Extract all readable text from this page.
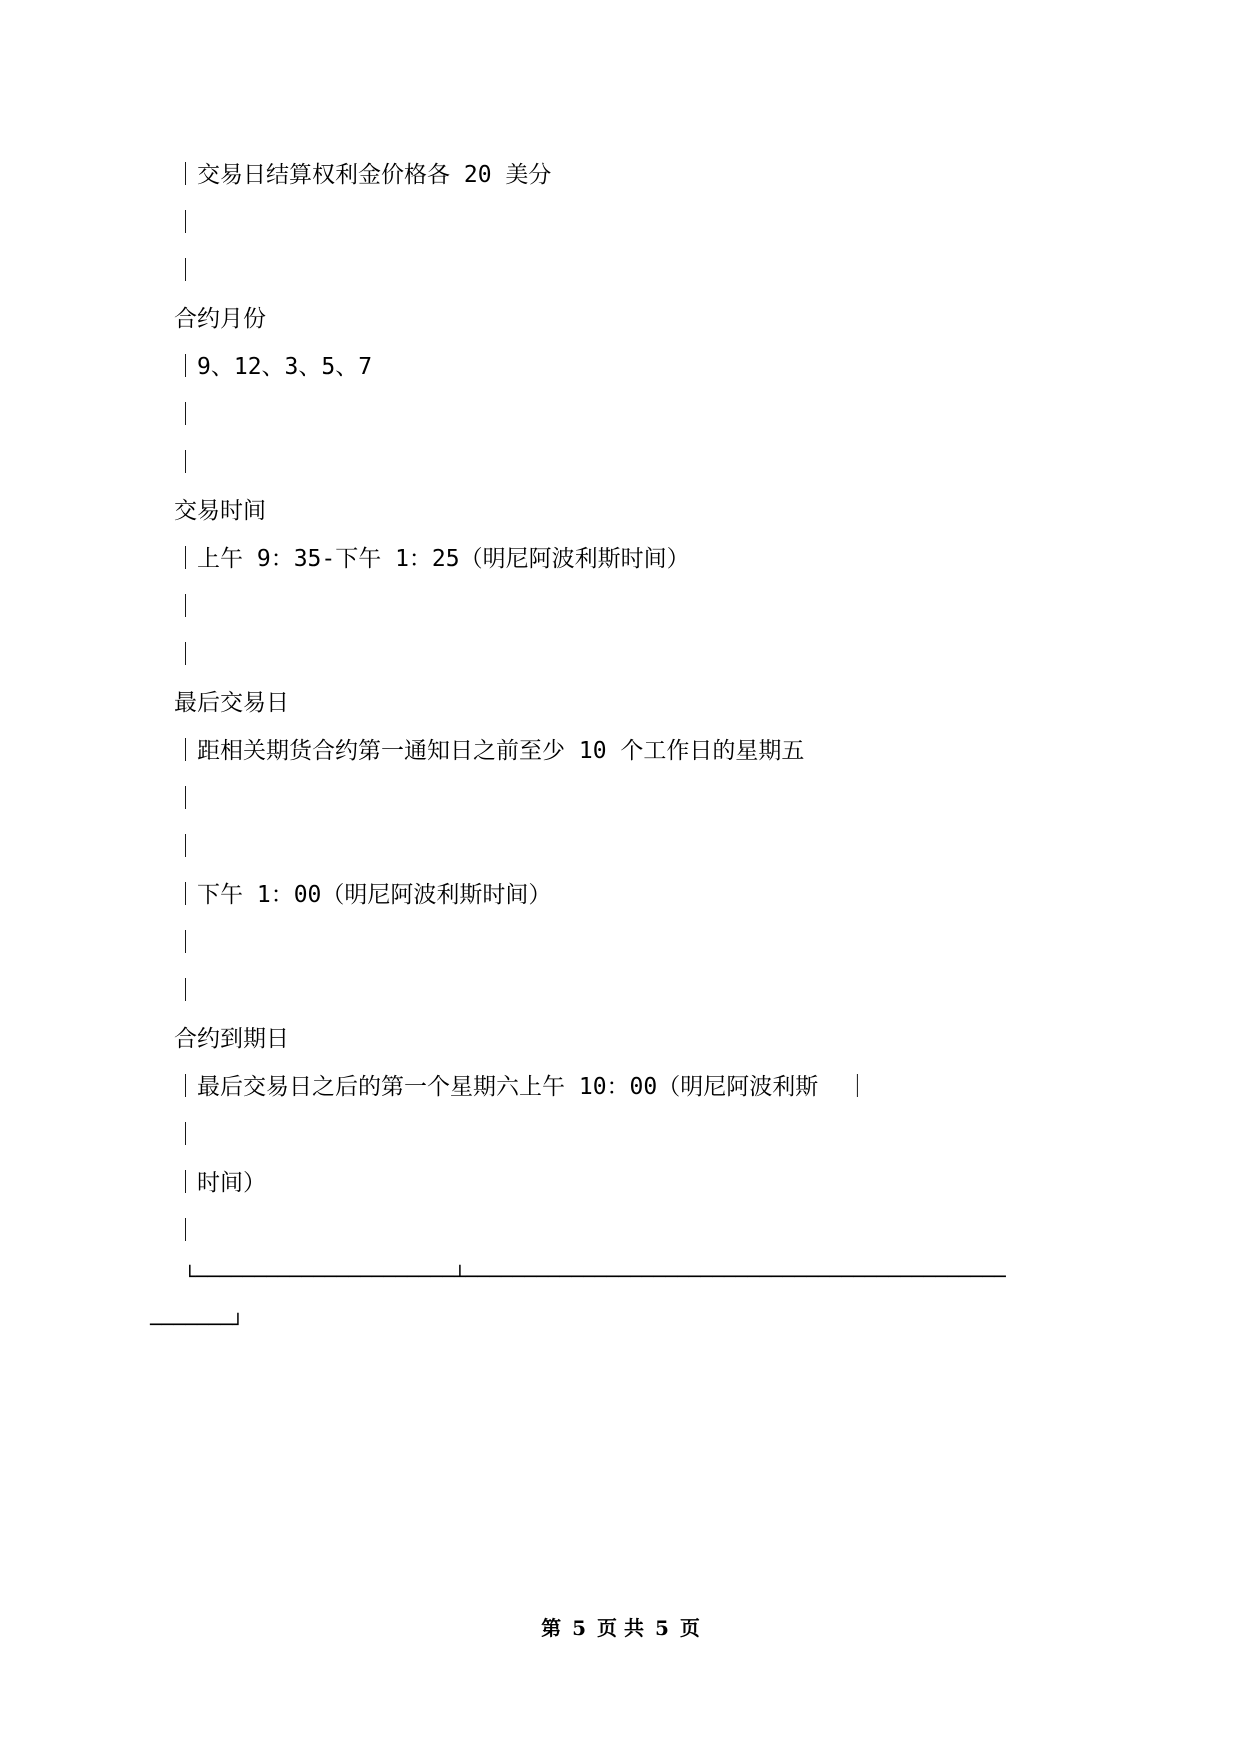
｜交易日结算权利金价格各 20 美分
｜
｜
合约月份
｜9、12、3、5、7
｜
｜
交易时间
｜上午 9：35-下午 1：25（明尼阿波利斯时间）
｜
｜
最后交易日
｜距相关期货合约第一通知日之前至少 10 个工作日的星期五
｜
｜
｜下午 1：00（明尼阿波利斯时间）
｜
｜
合约到期日
｜最后交易日之后的第一个星期六上午 10：00（明尼阿波利斯  ｜
｜
｜时间）
｜
└──────────────────────┴──────────────────────────────────────────────
───────┘
第 5 页 共 5 页
